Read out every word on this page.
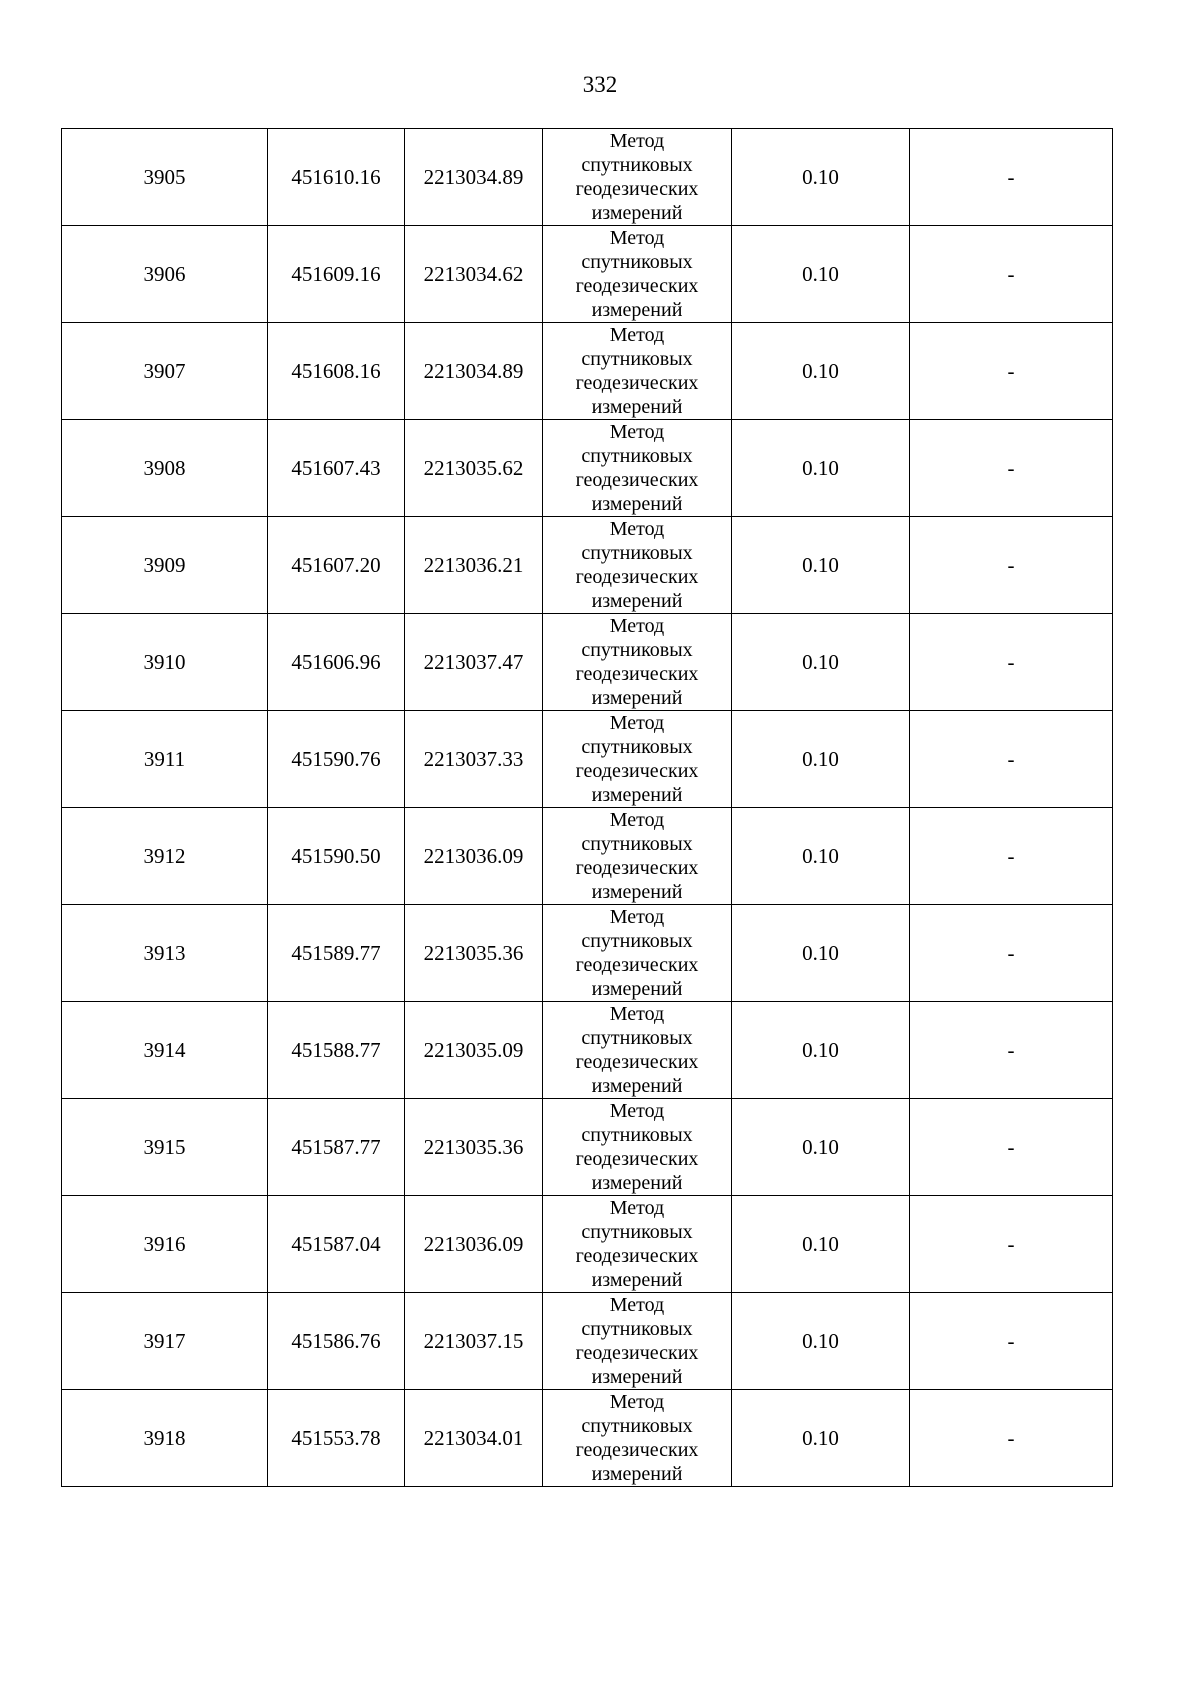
332
3905	451610.16	2213034.89	Метод
спутниковых
геодезических
измерений	0.10	-
3906	451609.16	2213034.62	Метод
спутниковых
геодезических
измерений	0.10	-
3907	451608.16	2213034.89	Метод
спутниковых
геодезических
измерений	0.10	-
3908	451607.43	2213035.62	Метод
спутниковых
геодезических
измерений	0.10	-
3909	451607.20	2213036.21	Метод
спутниковых
геодезических
измерений	0.10	-
3910	451606.96	2213037.47	Метод
спутниковых
геодезических
измерений	0.10	-
3911	451590.76	2213037.33	Метод
спутниковых
геодезических
измерений	0.10	-
3912	451590.50	2213036.09	Метод
спутниковых
геодезических
измерений	0.10	-
3913	451589.77	2213035.36	Метод
спутниковых
геодезических
измерений	0.10	-
3914	451588.77	2213035.09	Метод
спутниковых
геодезических
измерений	0.10	-
3915	451587.77	2213035.36	Метод
спутниковых
геодезических
измерений	0.10	-
3916	451587.04	2213036.09	Метод
спутниковых
геодезических
измерений	0.10	-
3917	451586.76	2213037.15	Метод
спутниковых
геодезических
измерений	0.10	-
3918	451553.78	2213034.01	Метод
спутниковых
геодезических
измерений	0.10	-
